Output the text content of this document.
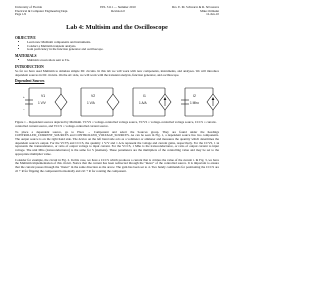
University of Florida
Electrical & Computer Engineering Dept.
Page 1/6
EEL 3111 — Summer 2010
Revision 0
Drs. E. M. Schwartz & R. Srivastava
Mike Ortmann
12-Jun-10
Lab 4: Multisim and the Oscilloscope
OBJECTIVE
• Learn new Multisim components and instruments.
• Conduct a Multisim transient analysis.
• Gain proficiency in the function generator and oscilloscope.
MATERIALS
• Multisim screen shots sent to TA.
INTRODUCTION

So far we have used Multisim to simulate simple DC circuits. In this lab we will work with new components, instruments, and analyses. We will introduce dependent sources in DC circuits. On the AC side, we will work with the transient analysis, function generator, and oscilloscope.

Dependent Sources
+
−
V1
1 V/V
V2
1 V/A
I1
1 A/A
I2
1 Mho
Figure 1 – Dependent sources depicted by Multisim. VCVS = voltage-controlled voltage source, VCVS = voltage-controlled voltage source, CCCS = current-controlled current source, and VCCS = voltage-controlled current source.

To place a dependent source, go to Place → Component and select the Sources group. They are found under the headings CONTROLLED_CURRENT_SOURCES and CONTROLLED_VOLTAGE_SOURCES. As can be seen in Fig. 1, a dependent source has two components. The output source is on the right hand side. The device on the left hand side acts as a voltmeter or ammeter and measures the quantity which determines the dependent source's output. For the VCVS and CCCS, the quantity 1 V/V and 1 A/A represent the voltage and current gains, respectively. For the CCVS, 1 Ω represents the transresistance, or ratio of output voltage to input current. For the VCCS, 1 Mho is the transconductance, or ratio of output current to input voltage. The unit Mho (transconductance) is the same for S (siemens). These parameters are the multipliers of the controlling value and may be set to the appropriate multiplier value.

Consider for example, the circuit in Fig. 2. In this case, we have a CCCS which produces a current that is 4 times the value of the current i. In Fig. 3, we have the Multisim implementation of this circuit. Notice that the current has been redirected through the "meter" of the controlled source. It is important to ensure that the current passes through the "meter" in the same direction as the arrow. The gain has been set to 4. Two handy commands for positioning the CCCS are ctl + R for flipping the component horizontally and ctrl + R for rotating the component.
